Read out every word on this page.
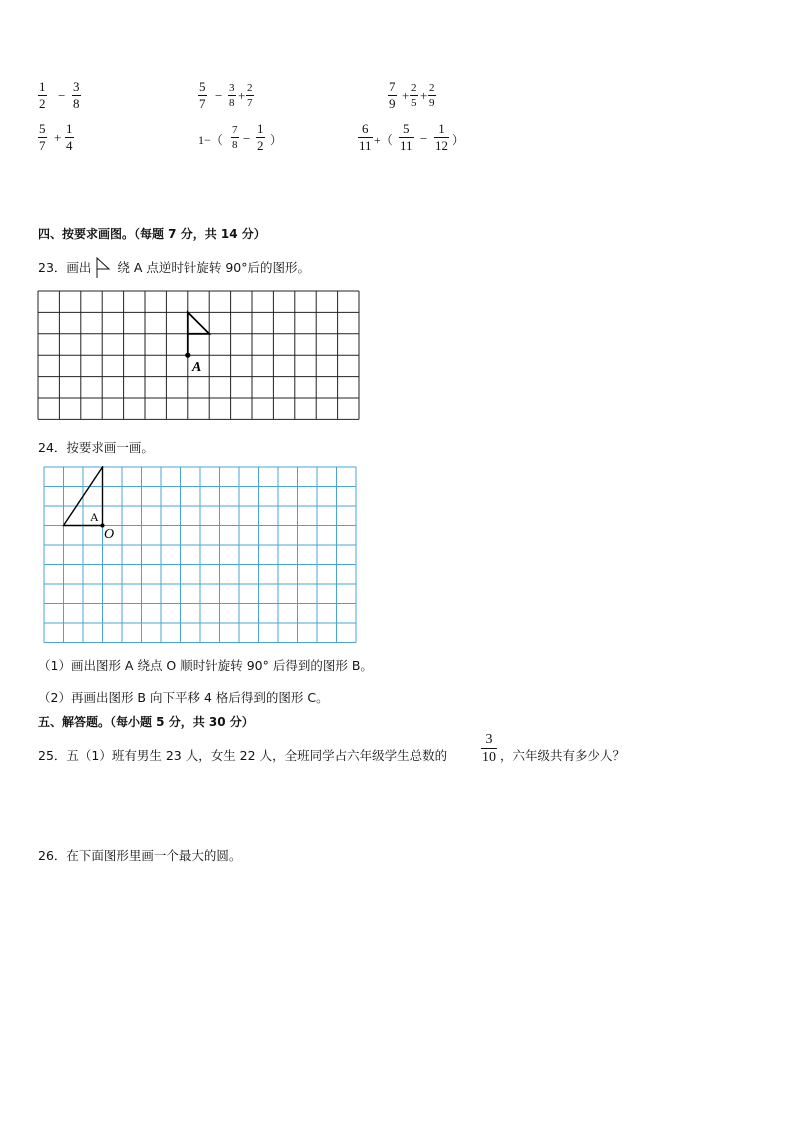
1
2
−
3
8
5
7
− 3
8 + 2
7
7
9
+ 2
5 + 2
9
5
7
+
1
4	1−（
7
8 −
1
2 ）
6
11 +（
5
11 −
1
12 ）
四、按要求画图。（每题 7 分，共 14 分）
23．画出 绕 A 点逆时针旋转 90°后的图形。
A
24．按要求画一画。
A
O
（1）画出图形 A 绕点 O 顺时针旋转 90° 后得到的图形 B。
（2）再画出图形 B 向下平移 4 格后得到的图形 C。
五、解答题。（每小题 5 分，共 30 分）
25．五（1）班有男生 23 人，女生 22 人，全班同学占六年级学生总数的
3
10 ，六年级共有多少人？
26．在下面图形里画一个最大的圆。
